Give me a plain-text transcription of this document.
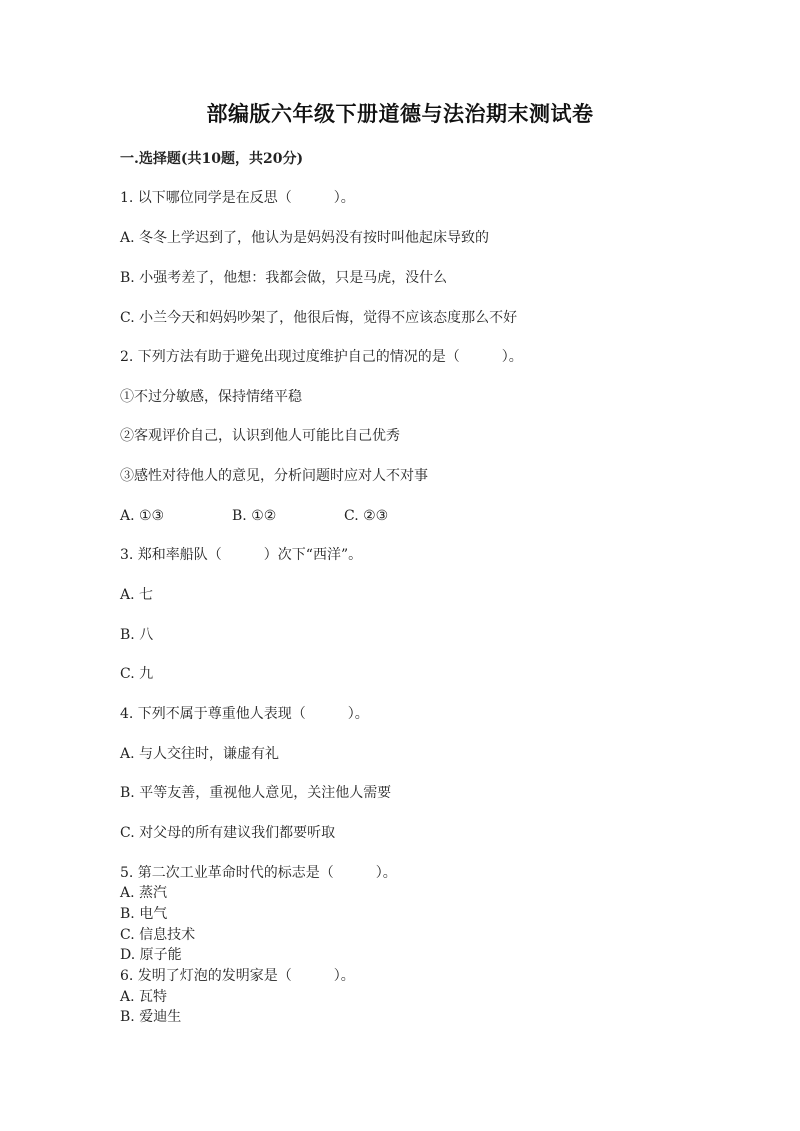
部编版六年级下册道德与法治期末测试卷
一.选择题(共10题，共20分)
1. 以下哪位同学是在反思（　　　）。
A. 冬冬上学迟到了，他认为是妈妈没有按时叫他起床导致的
B. 小强考差了，他想：我都会做，只是马虎，没什么
C. 小兰今天和妈妈吵架了，他很后悔，觉得不应该态度那么不好
2. 下列方法有助于避免出现过度维护自己的情况的是（　　　）。
①不过分敏感，保持情绪平稳
②客观评价自己，认识到他人可能比自己优秀
③感性对待他人的意见，分析问题时应对人不对事
A. ①③	B. ①②	C. ②③
3. 郑和率船队（　　　）次下“西洋”。
A. 七
B. 八
C. 九
4. 下列不属于尊重他人表现（　　　）。
A. 与人交往时，谦虚有礼
B. 平等友善，重视他人意见，关注他人需要
C. 对父母的所有建议我们都要听取
5. 第二次工业革命时代的标志是（　　　）。
A. 蒸汽
B. 电气
C. 信息技术
D. 原子能
6. 发明了灯泡的发明家是（　　　）。
A. 瓦特
B. 爱迪生
